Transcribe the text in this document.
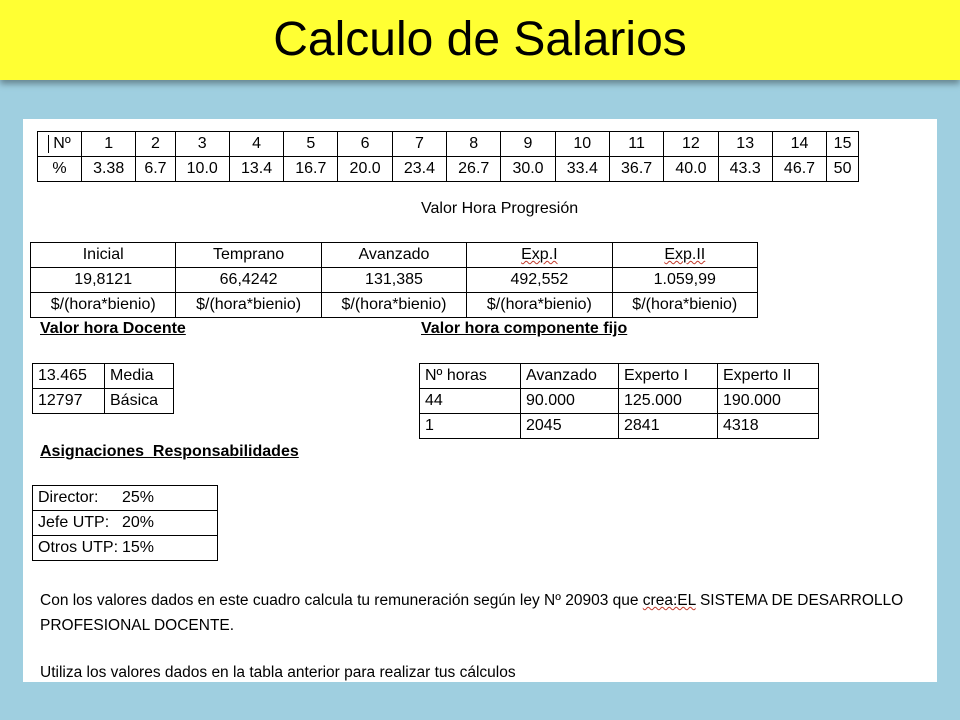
Calculo de Salarios
Nº	1	2	3	4	5	6	7	8	9	10	11	12	13	14	15
%	3.38	6.7	10.0	13.4	16.7	20.0	23.4	26.7	30.0	33.4	36.7	40.0	43.3	46.7	50
Valor Hora Progresión
Inicial	Temprano	Avanzado	Exp.I	Exp.II
19,8121	66,4242	131,385	492,552	1.059,99
$/(hora*bienio)	$/(hora*bienio)	$/(hora*bienio)	$/(hora*bienio)	$/(hora*bienio)
Valor hora Docente	Valor hora componente fijo
13.465	Media
12797	Básica
Nº horas	Avanzado	Experto I	Experto II
44	90.000	125.000	190.000
1	2045	2841	4318
Asignaciones  Responsabilidades
Director: 25%
Jefe UTP: 20%
Otros UTP: 15%
Con los valores dados en este cuadro calcula tu remuneración según ley Nº 20903 que crea:EL SISTEMA DE DESARROLLO
PROFESIONAL DOCENTE.
Utiliza los valores dados en la tabla anterior para realizar tus cálculos
